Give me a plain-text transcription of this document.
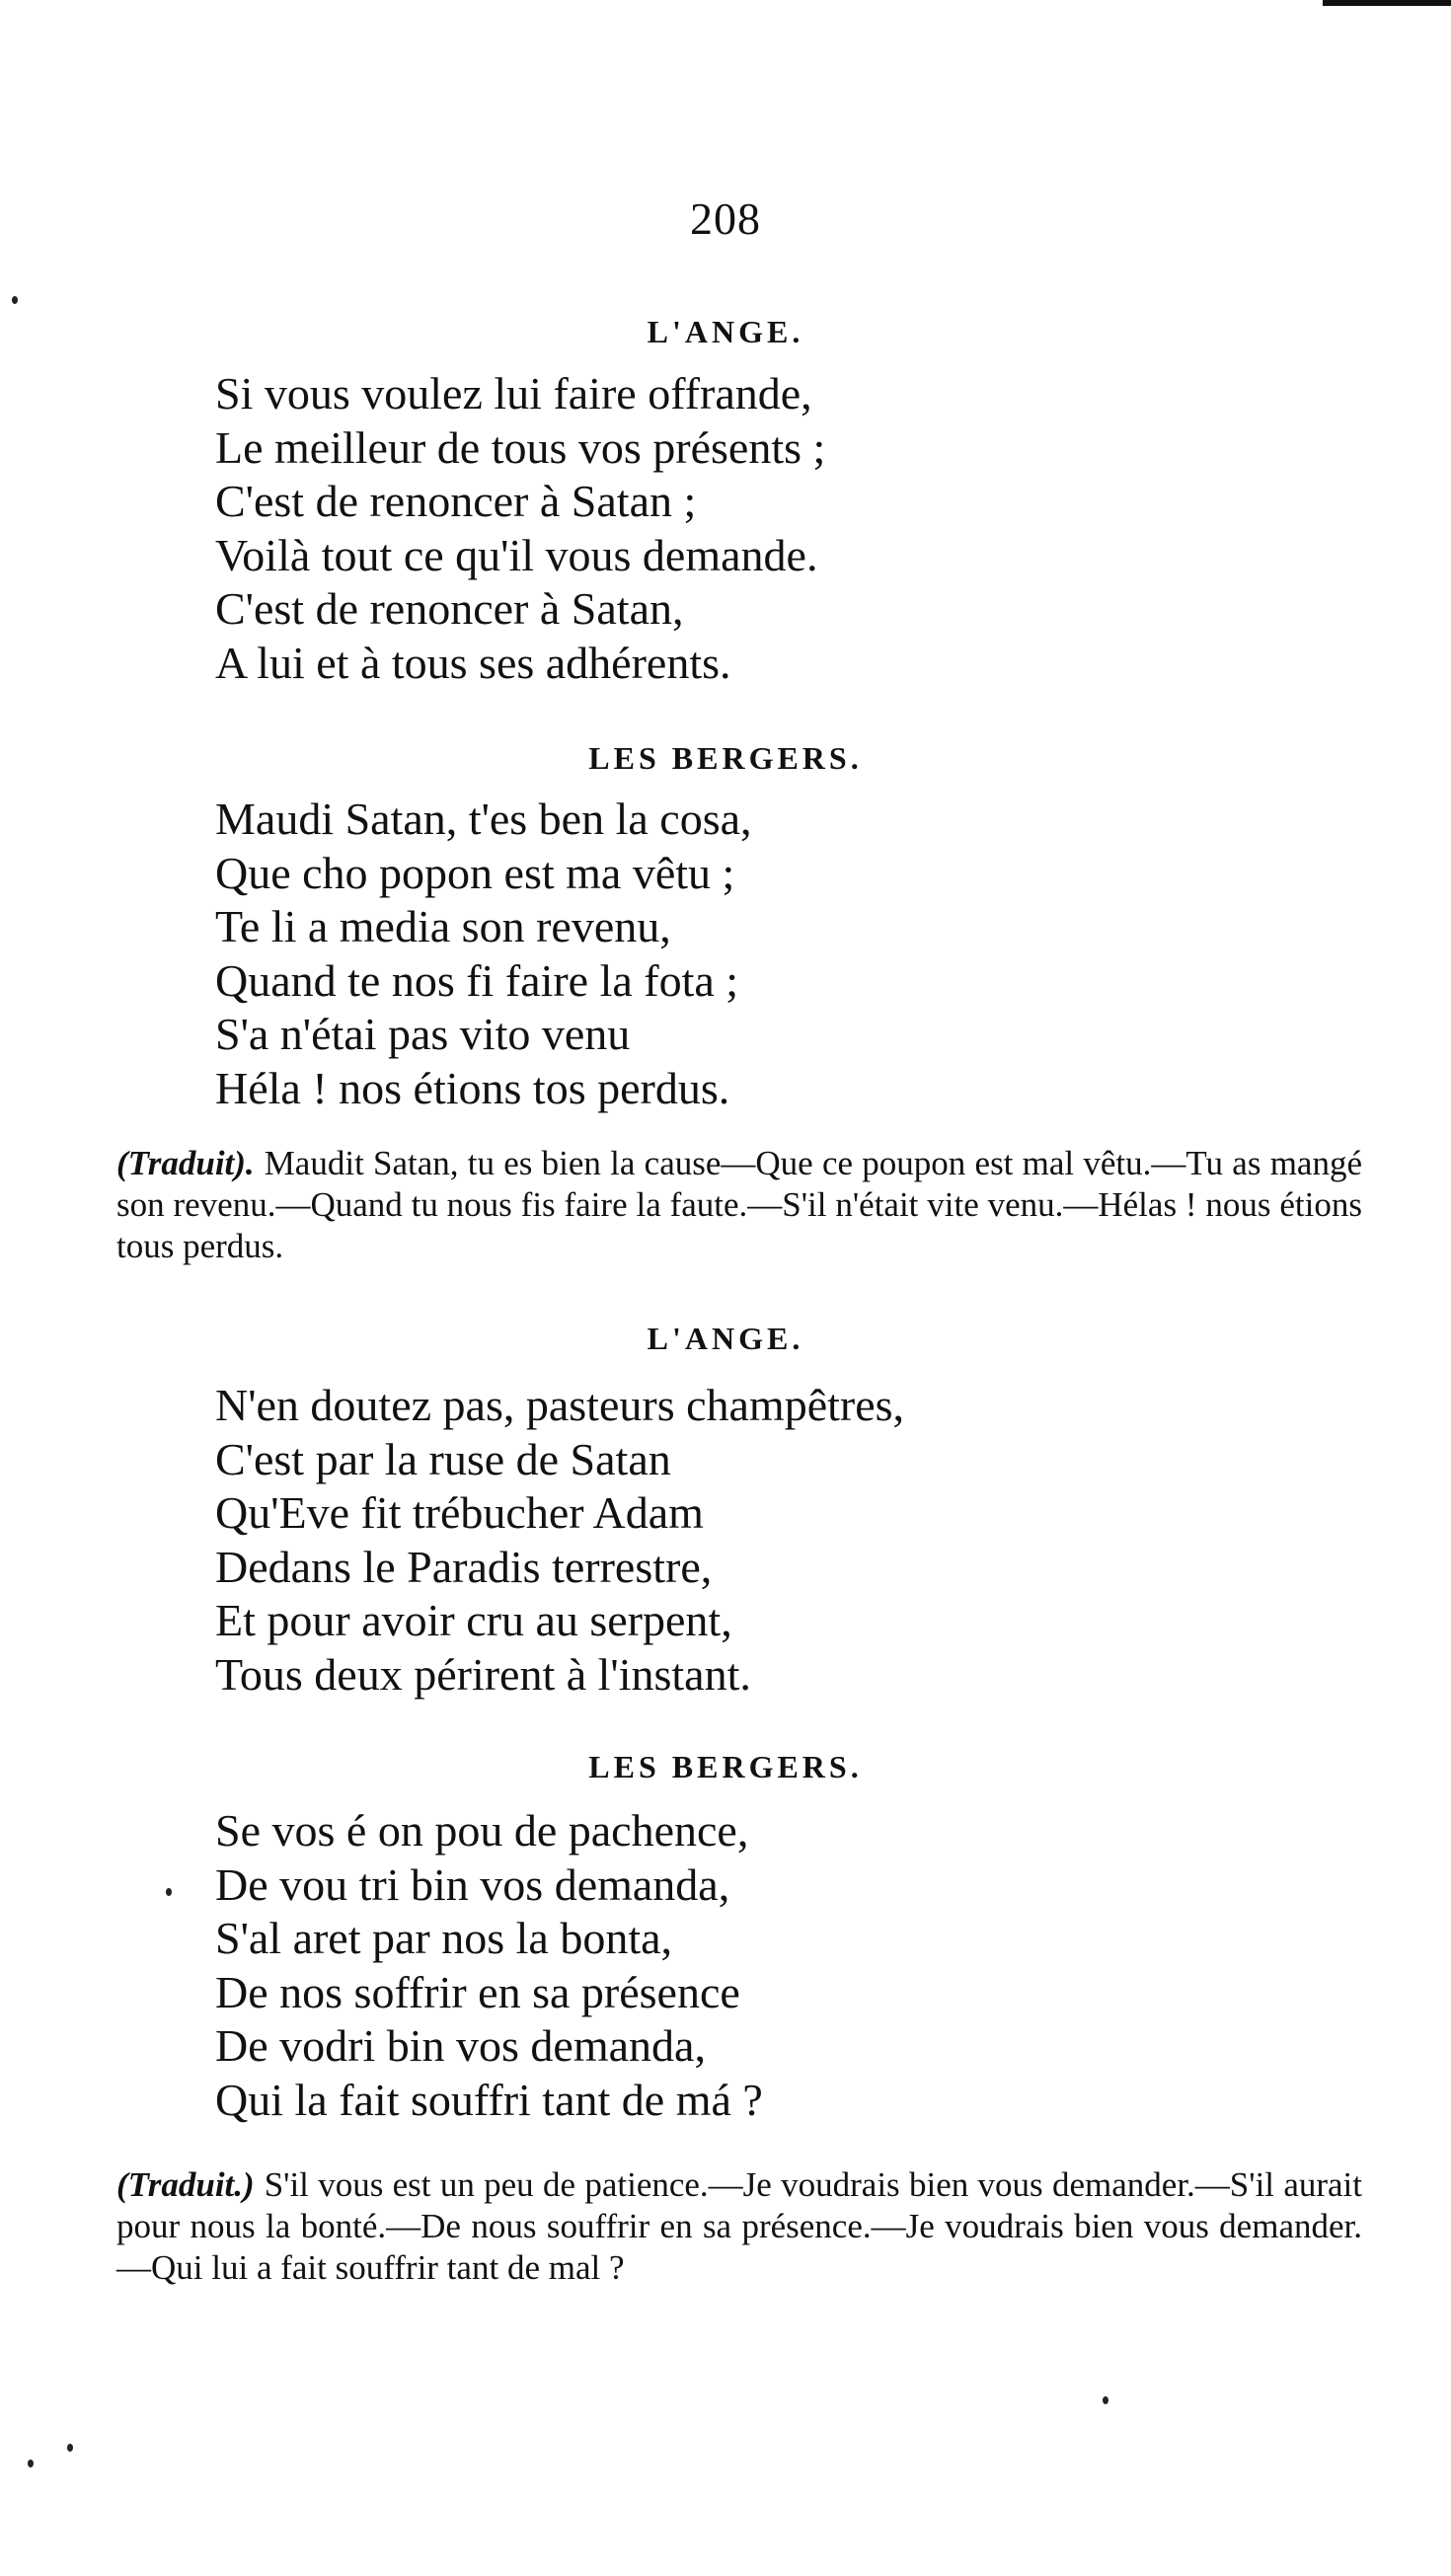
208
L'ANGE.
Si vous voulez lui faire offrande,
Le meilleur de tous vos présents ;
C'est de renoncer à Satan ;
Voilà tout ce qu'il vous demande.
C'est de renoncer à Satan,
A lui et à tous ses adhérents.
LES BERGERS.
Maudi Satan, t'es ben la cosa,
Que cho popon est ma vêtu ;
Te li a media son revenu,
Quand te nos fi faire la fota ;
S'a n'étai pas vito venu
Héla ! nos étions tos perdus.
(Traduit). Maudit Satan, tu es bien la cause—Que ce poupon est mal vêtu.—Tu as mangé son revenu.—Quand tu nous fis faire la faute.—S'il n'était vite venu.—Hélas ! nous étions tous perdus.
L'ANGE.
N'en doutez pas, pasteurs champêtres,
C'est par la ruse de Satan
Qu'Eve fit trébucher Adam
Dedans le Paradis terrestre,
Et pour avoir cru au serpent,
Tous deux périrent à l'instant.
LES BERGERS.
Se vos é on pou de pachence,
De vou tri bin vos demanda,
S'al aret par nos la bonta,
De nos soffrir en sa présence
De vodri bin vos demanda,
Qui la fait souffri tant de má ?
(Traduit.) S'il vous est un peu de patience.—Je voudrais bien vous demander.—S'il aurait pour nous la bonté.—De nous souffrir en sa présence.—Je voudrais bien vous demander.—Qui lui a fait souffrir tant de mal ?
